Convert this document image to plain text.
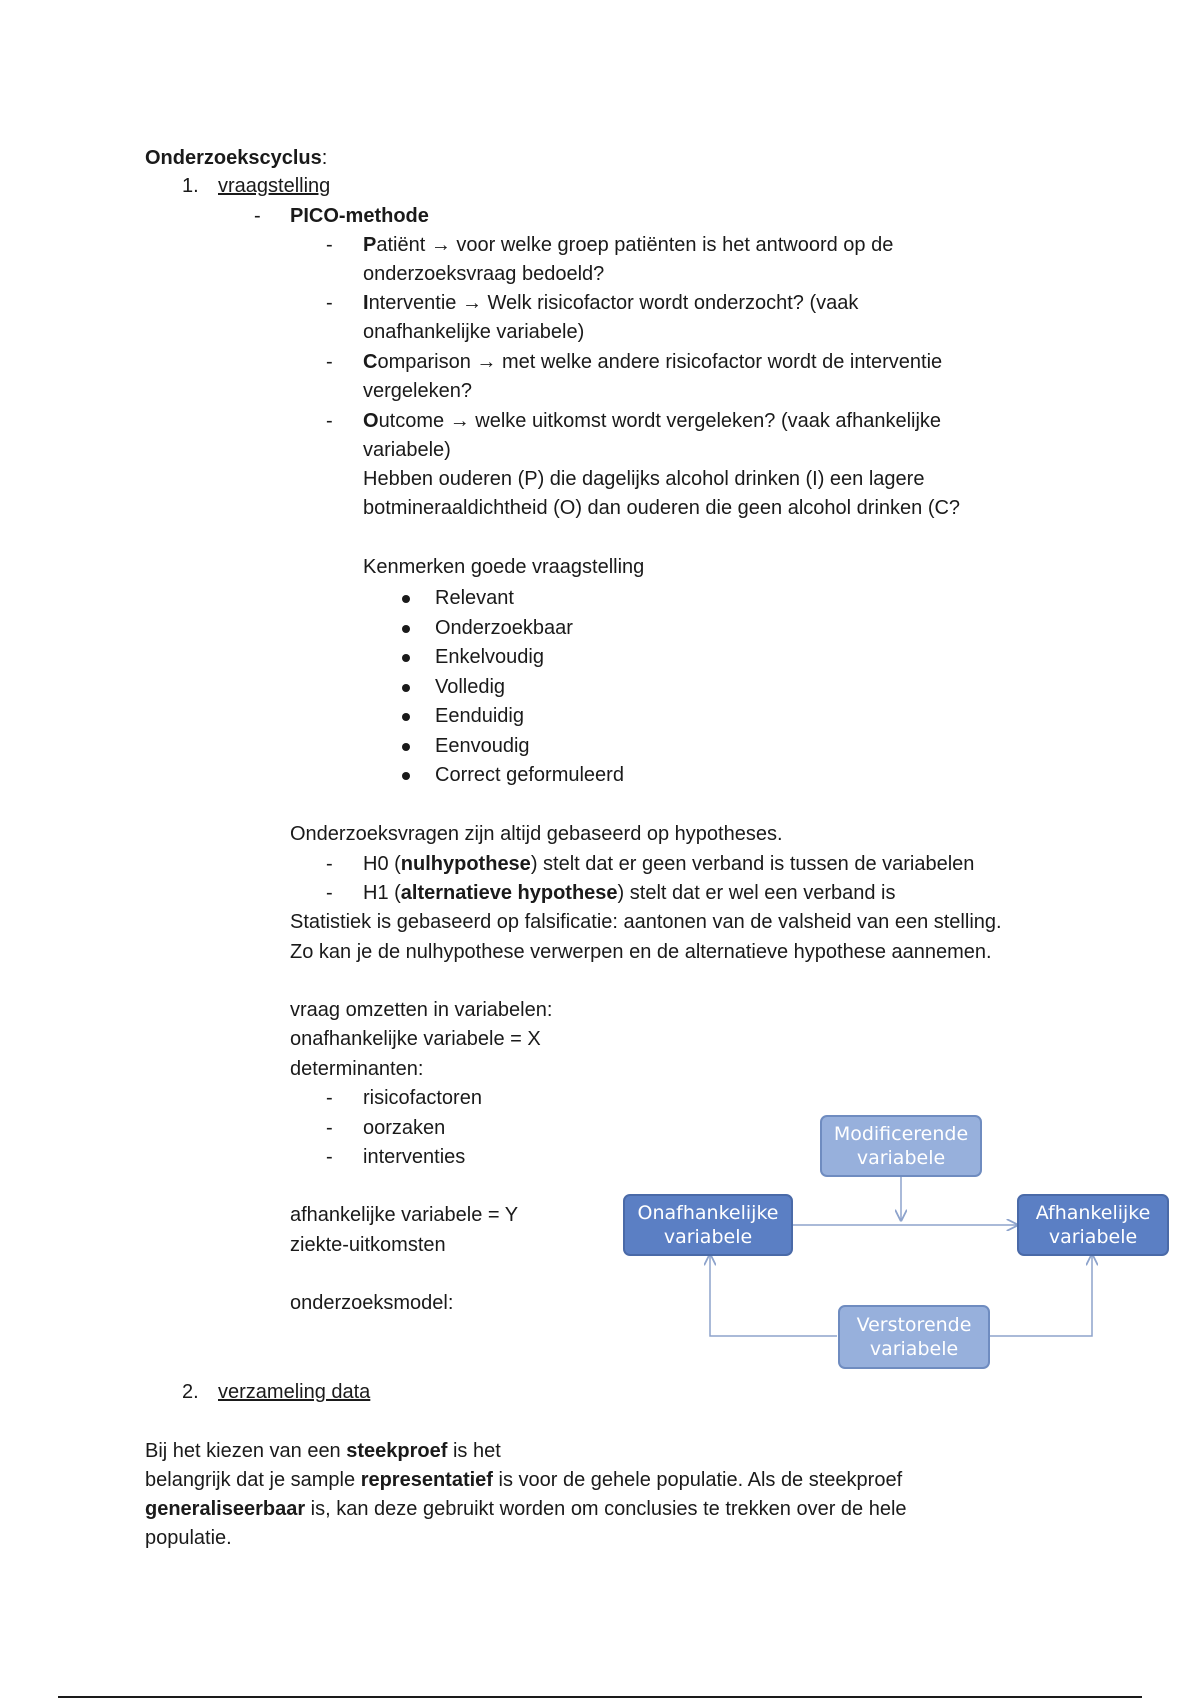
Onderzoekscyclus:
1. vraagstelling
- PICO-methode
- Patiënt → voor welke groep patiënten is het antwoord op de
onderzoeksvraag bedoeld?
- Interventie → Welk risicofactor wordt onderzocht? (vaak
onafhankelijke variabele)
- Comparison → met welke andere risicofactor wordt de interventie
vergeleken?
- Outcome → welke uitkomst wordt vergeleken? (vaak afhankelijke
variabele)
Hebben ouderen (P) die dagelijks alcohol drinken (I) een lagere
botmineraaldichtheid (O) dan ouderen die geen alcohol drinken (C?
Kenmerken goede vraagstelling
Relevant
Onderzoekbaar
Enkelvoudig
Volledig
Eenduidig
Eenvoudig
Correct geformuleerd
Onderzoeksvragen zijn altijd gebaseerd op hypotheses.
- H0 (nulhypothese) stelt dat er geen verband is tussen de variabelen
- H1 (alternatieve hypothese) stelt dat er wel een verband is
Statistiek is gebaseerd op falsificatie: aantonen van de valsheid van een stelling.
Zo kan je de nulhypothese verwerpen en de alternatieve hypothese aannemen.
vraag omzetten in variabelen:
onafhankelijke variabele = X
determinanten:
- risicofactoren
- oorzaken
- interventies
afhankelijke variabele = Y
ziekte-uitkomsten
onderzoeksmodel:
Modificerende
variabele
Onafhankelijke
variabele
Afhankelijke
variabele
Verstorende
variabele
2. verzameling data
Bij het kiezen van een steekproef is het
belangrijk dat je sample representatief is voor de gehele populatie. Als de steekproef
generaliseerbaar is, kan deze gebruikt worden om conclusies te trekken over de hele
populatie.
